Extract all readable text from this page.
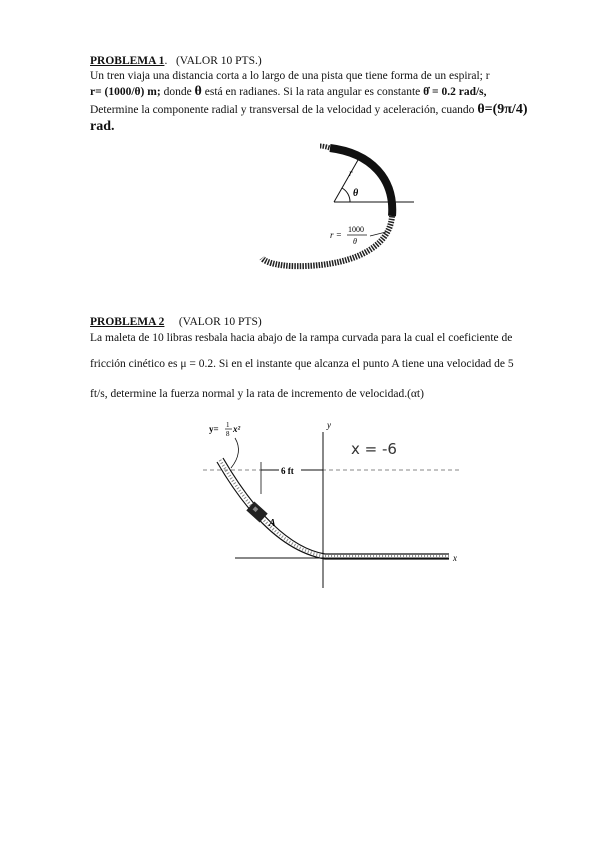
PROBLEMA 1. (VALOR 10 PTS.)
Un tren viaja una distancia corta a lo largo de una pista que tiene forma de un espiral; r
r= (1000/θ) m; donde θ está en radianes. Si la rata angular es constante θ̇ = 0.2 rad/s,
Determine la componente radial y transversal de la velocidad y aceleración, cuando θ=(9π/4)
rad.
r
θ
r =
1000
θ
PROBLEMA 2 (VALOR 10 PTS)
La maleta de 10 libras resbala hacia abajo de la rampa curvada para la cual el coeficiente de
fricción cinético es μ = 0.2. Si en el instante que alcanza el punto A tiene una velocidad de 5
ft/s, determine la fuerza normal y la rata de incremento de velocidad.(αt)
y= 1
8 x²	y
x
6 ft
A
x = -6
